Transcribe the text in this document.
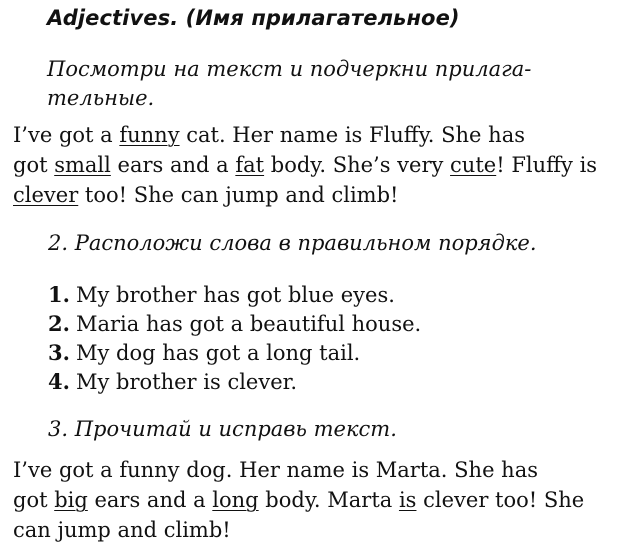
Adjectives. (Имя прилагательное)
Посмотри на текст и подчеркни прилага-
тельные.
I’ve got a funny cat. Her name is Fluffy. She has
got small ears and a fat body. She’s very cute! Fluffy is
clever too! She can jump and climb!
2. Расположи слова в правильном порядке.
1. My brother has got blue eyes.
2. Maria has got a beautiful house.
3. My dog has got a long tail.
4. My brother is clever.
3. Прочитай и исправь текст.
I’ve got a funny dog. Her name is Marta. She has
got big ears and a long body. Marta is clever too! She
can jump and climb!
